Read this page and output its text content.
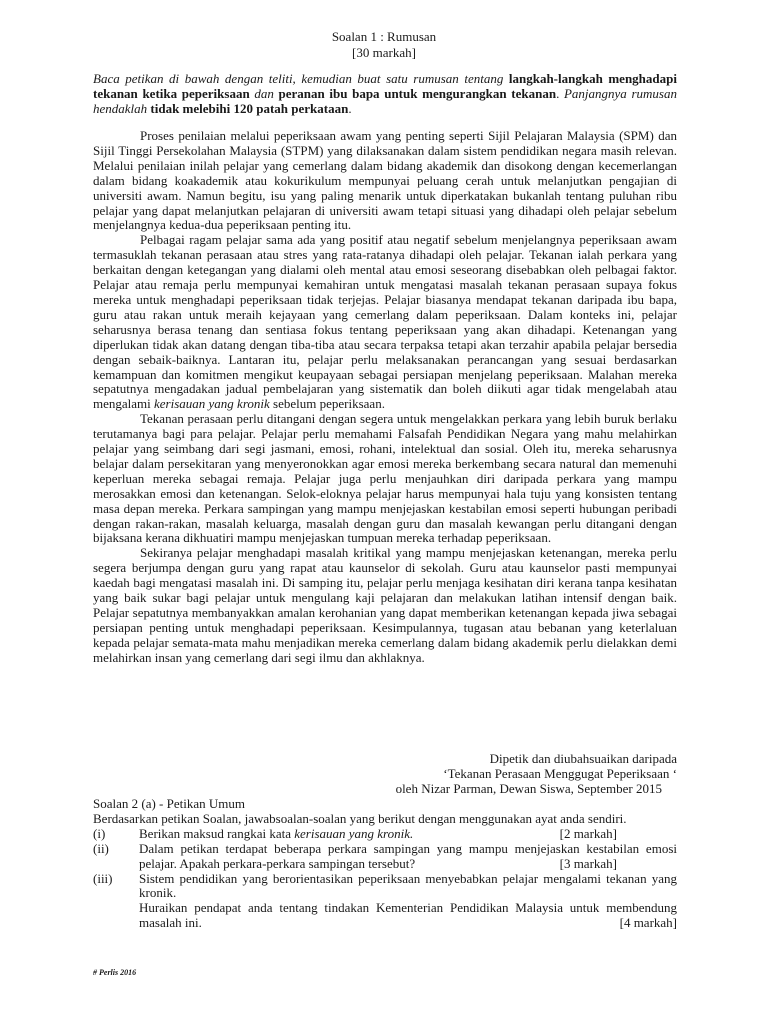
Soalan 1 : Rumusan
[30 markah]
Baca petikan di bawah dengan teliti, kemudian buat satu rumusan tentang langkah-langkah menghadapi tekanan ketika peperiksaan dan peranan ibu bapa untuk mengurangkan tekanan. Panjangnya rumusan hendaklah tidak melebihi 120 patah perkataan.

Proses penilaian melalui peperiksaan awam yang penting seperti Sijil Pelajaran Malaysia (SPM) dan Sijil Tinggi Persekolahan Malaysia (STPM) yang dilaksanakan dalam sistem pendidikan negara masih relevan. Melalui penilaian inilah pelajar yang cemerlang dalam bidang akademik dan disokong dengan kecemerlangan dalam bidang koakademik atau kokurikulum mempunyai peluang cerah untuk melanjutkan pengajian di universiti awam. Namun begitu, isu yang paling menarik untuk diperkatakan bukanlah tentang puluhan ribu pelajar yang dapat melanjutkan pelajaran di universiti awam tetapi situasi yang dihadapi oleh pelajar sebelum menjelangnya kedua-dua peperiksaan penting itu.

Pelbagai ragam pelajar sama ada yang positif atau negatif sebelum menjelangnya peperiksaan awam termasuklah tekanan perasaan atau stres yang rata-ratanya dihadapi oleh pelajar. Tekanan ialah perkara yang berkaitan dengan ketegangan yang dialami oleh mental atau emosi seseorang disebabkan oleh pelbagai faktor. Pelajar atau remaja perlu mempunyai kemahiran untuk mengatasi masalah tekanan perasaan supaya fokus mereka untuk menghadapi peperiksaan tidak terjejas. Pelajar biasanya mendapat tekanan daripada ibu bapa, guru atau rakan untuk meraih kejayaan yang cemerlang dalam peperiksaan. Dalam konteks ini, pelajar seharusnya berasa tenang dan sentiasa fokus tentang peperiksaan yang akan dihadapi. Ketenangan yang diperlukan tidak akan datang dengan tiba-tiba atau secara terpaksa tetapi akan terzahir apabila pelajar bersedia dengan sebaik-baiknya. Lantaran itu, pelajar perlu melaksanakan perancangan yang sesuai berdasarkan kemampuan dan komitmen mengikut keupayaan sebagai persiapan menjelang peperiksaan. Malahan mereka sepatutnya mengadakan jadual pembelajaran yang sistematik dan boleh diikuti agar tidak mengelabah atau mengalami kerisauan yang kronik sebelum peperiksaan.

Tekanan perasaan perlu ditangani dengan segera untuk mengelakkan perkara yang lebih buruk berlaku terutamanya bagi para pelajar. Pelajar perlu memahami Falsafah Pendidikan Negara yang mahu melahirkan pelajar yang seimbang dari segi jasmani, emosi, rohani, intelektual dan sosial. Oleh itu, mereka seharusnya belajar dalam persekitaran yang menyeronokkan agar emosi mereka berkembang secara natural dan memenuhi keperluan mereka sebagai remaja. Pelajar juga perlu menjauhkan diri daripada perkara yang mampu merosakkan emosi dan ketenangan. Selok-eloknya pelajar harus mempunyai hala tuju yang konsisten tentang masa depan mereka. Perkara sampingan yang mampu menjejaskan kestabilan emosi seperti hubungan peribadi dengan rakan-rakan, masalah keluarga, masalah dengan guru dan masalah kewangan perlu ditangani dengan bijaksana kerana dikhuatiri mampu menjejaskan tumpuan mereka terhadap peperiksaan.

Sekiranya pelajar menghadapi masalah kritikal yang mampu menjejaskan ketenangan, mereka perlu segera berjumpa dengan guru yang rapat atau kaunselor di sekolah. Guru atau kaunselor pasti mempunyai kaedah bagi mengatasi masalah ini. Di samping itu, pelajar perlu menjaga kesihatan diri kerana tanpa kesihatan yang baik sukar bagi pelajar untuk mengulang kaji pelajaran dan melakukan latihan intensif dengan baik. Pelajar sepatutnya membanyakkan amalan kerohanian yang dapat memberikan ketenangan kepada jiwa sebagai persiapan penting untuk menghadapi peperiksaan. Kesimpulannya, tugasan atau bebanan yang keterlaluan kepada pelajar semata-mata mahu menjadikan mereka cemerlang dalam bidang akademik perlu dielakkan demi melahirkan insan yang cemerlang dari segi ilmu dan akhlaknya.

Dipetik dan diubahsuaikan daripada
‘Tekanan Perasaan Menggugat Peperiksaan ‘
oleh Nizar Parman, Dewan Siswa, September 2015
Soalan 2 (a) - Petikan Umum
Berdasarkan petikan Soalan, jawabsoalan-soalan yang berikut dengan menggunakan ayat anda sendiri.
(i)	Berikan maksud rangkai kata kerisauan yang kronik.	[2 markah]
(ii)	Dalam petikan terdapat beberapa perkara sampingan yang mampu menjejaskan kestabilan emosi pelajar. Apakah perkara-perkara sampingan tersebut?	[3 markah]
(iii)	Sistem pendidikan yang berorientasikan peperiksaan menyebabkan pelajar mengalami tekanan yang kronik.
Huraikan pendapat anda tentang tindakan Kementerian Pendidikan Malaysia untuk membendung masalah ini.	[4 markah]
# Perlis 2016
